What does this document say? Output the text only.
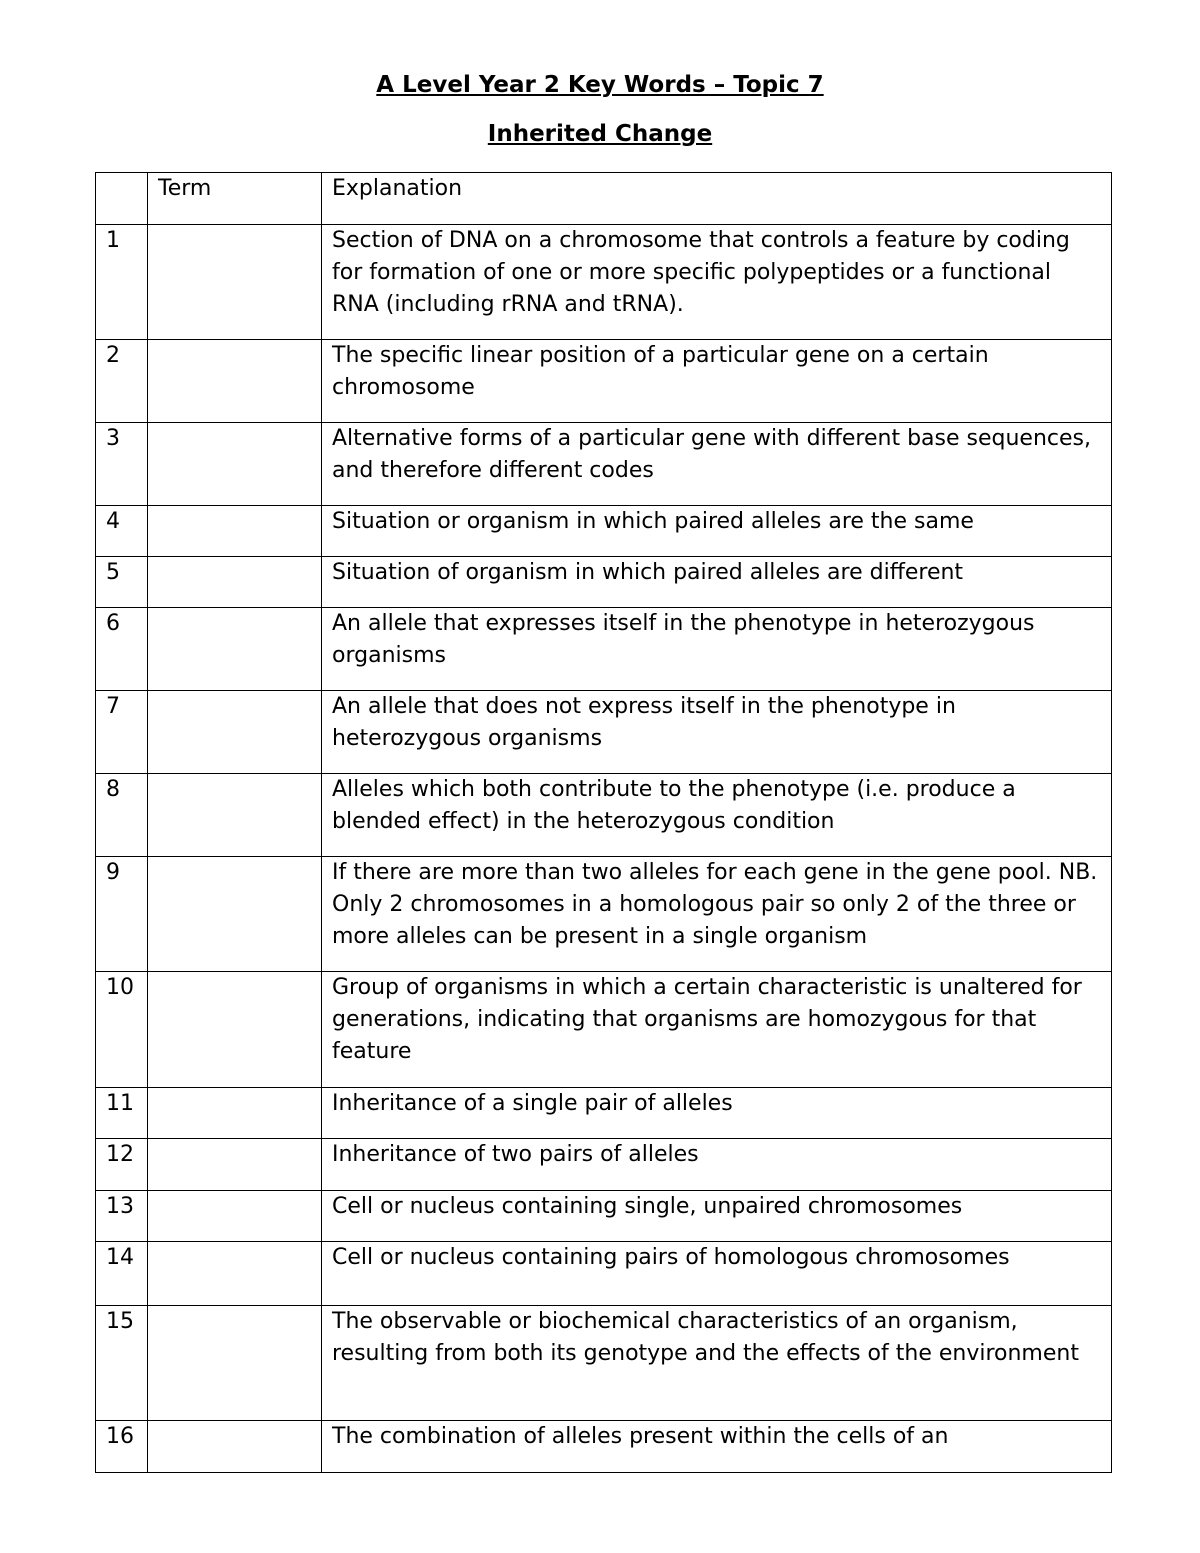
A Level Year 2 Key Words – Topic 7
Inherited Change
	Term	Explanation
1		Section of DNA on a chromosome that controls a feature by coding for formation of one or more specific polypeptides or a functional RNA (including rRNA and tRNA).
2		The specific linear position of a particular gene on a certain chromosome
3		Alternative forms of a particular gene with different base sequences, and therefore different codes
4		Situation or organism in which paired alleles are the same
5		Situation of organism in which paired alleles are different
6		An allele that expresses itself in the phenotype in heterozygous organisms
7		An allele that does not express itself in the phenotype in heterozygous organisms
8		Alleles which both contribute to the phenotype (i.e. produce a blended effect) in the heterozygous condition
9		If there are more than two alleles for each gene in the gene pool. NB. Only 2 chromosomes in a homologous pair so only 2 of the three or more alleles can be present in a single organism
10		Group of organisms in which a certain characteristic is unaltered for generations, indicating that organisms are homozygous for that feature
11		Inheritance of a single pair of alleles
12		Inheritance of two pairs of alleles
13		Cell or nucleus containing single, unpaired chromosomes
14		Cell or nucleus containing pairs of homologous chromosomes
15		The observable or biochemical characteristics of an organism, resulting from both its genotype and the effects of the environment
16		The combination of alleles present within the cells of an
